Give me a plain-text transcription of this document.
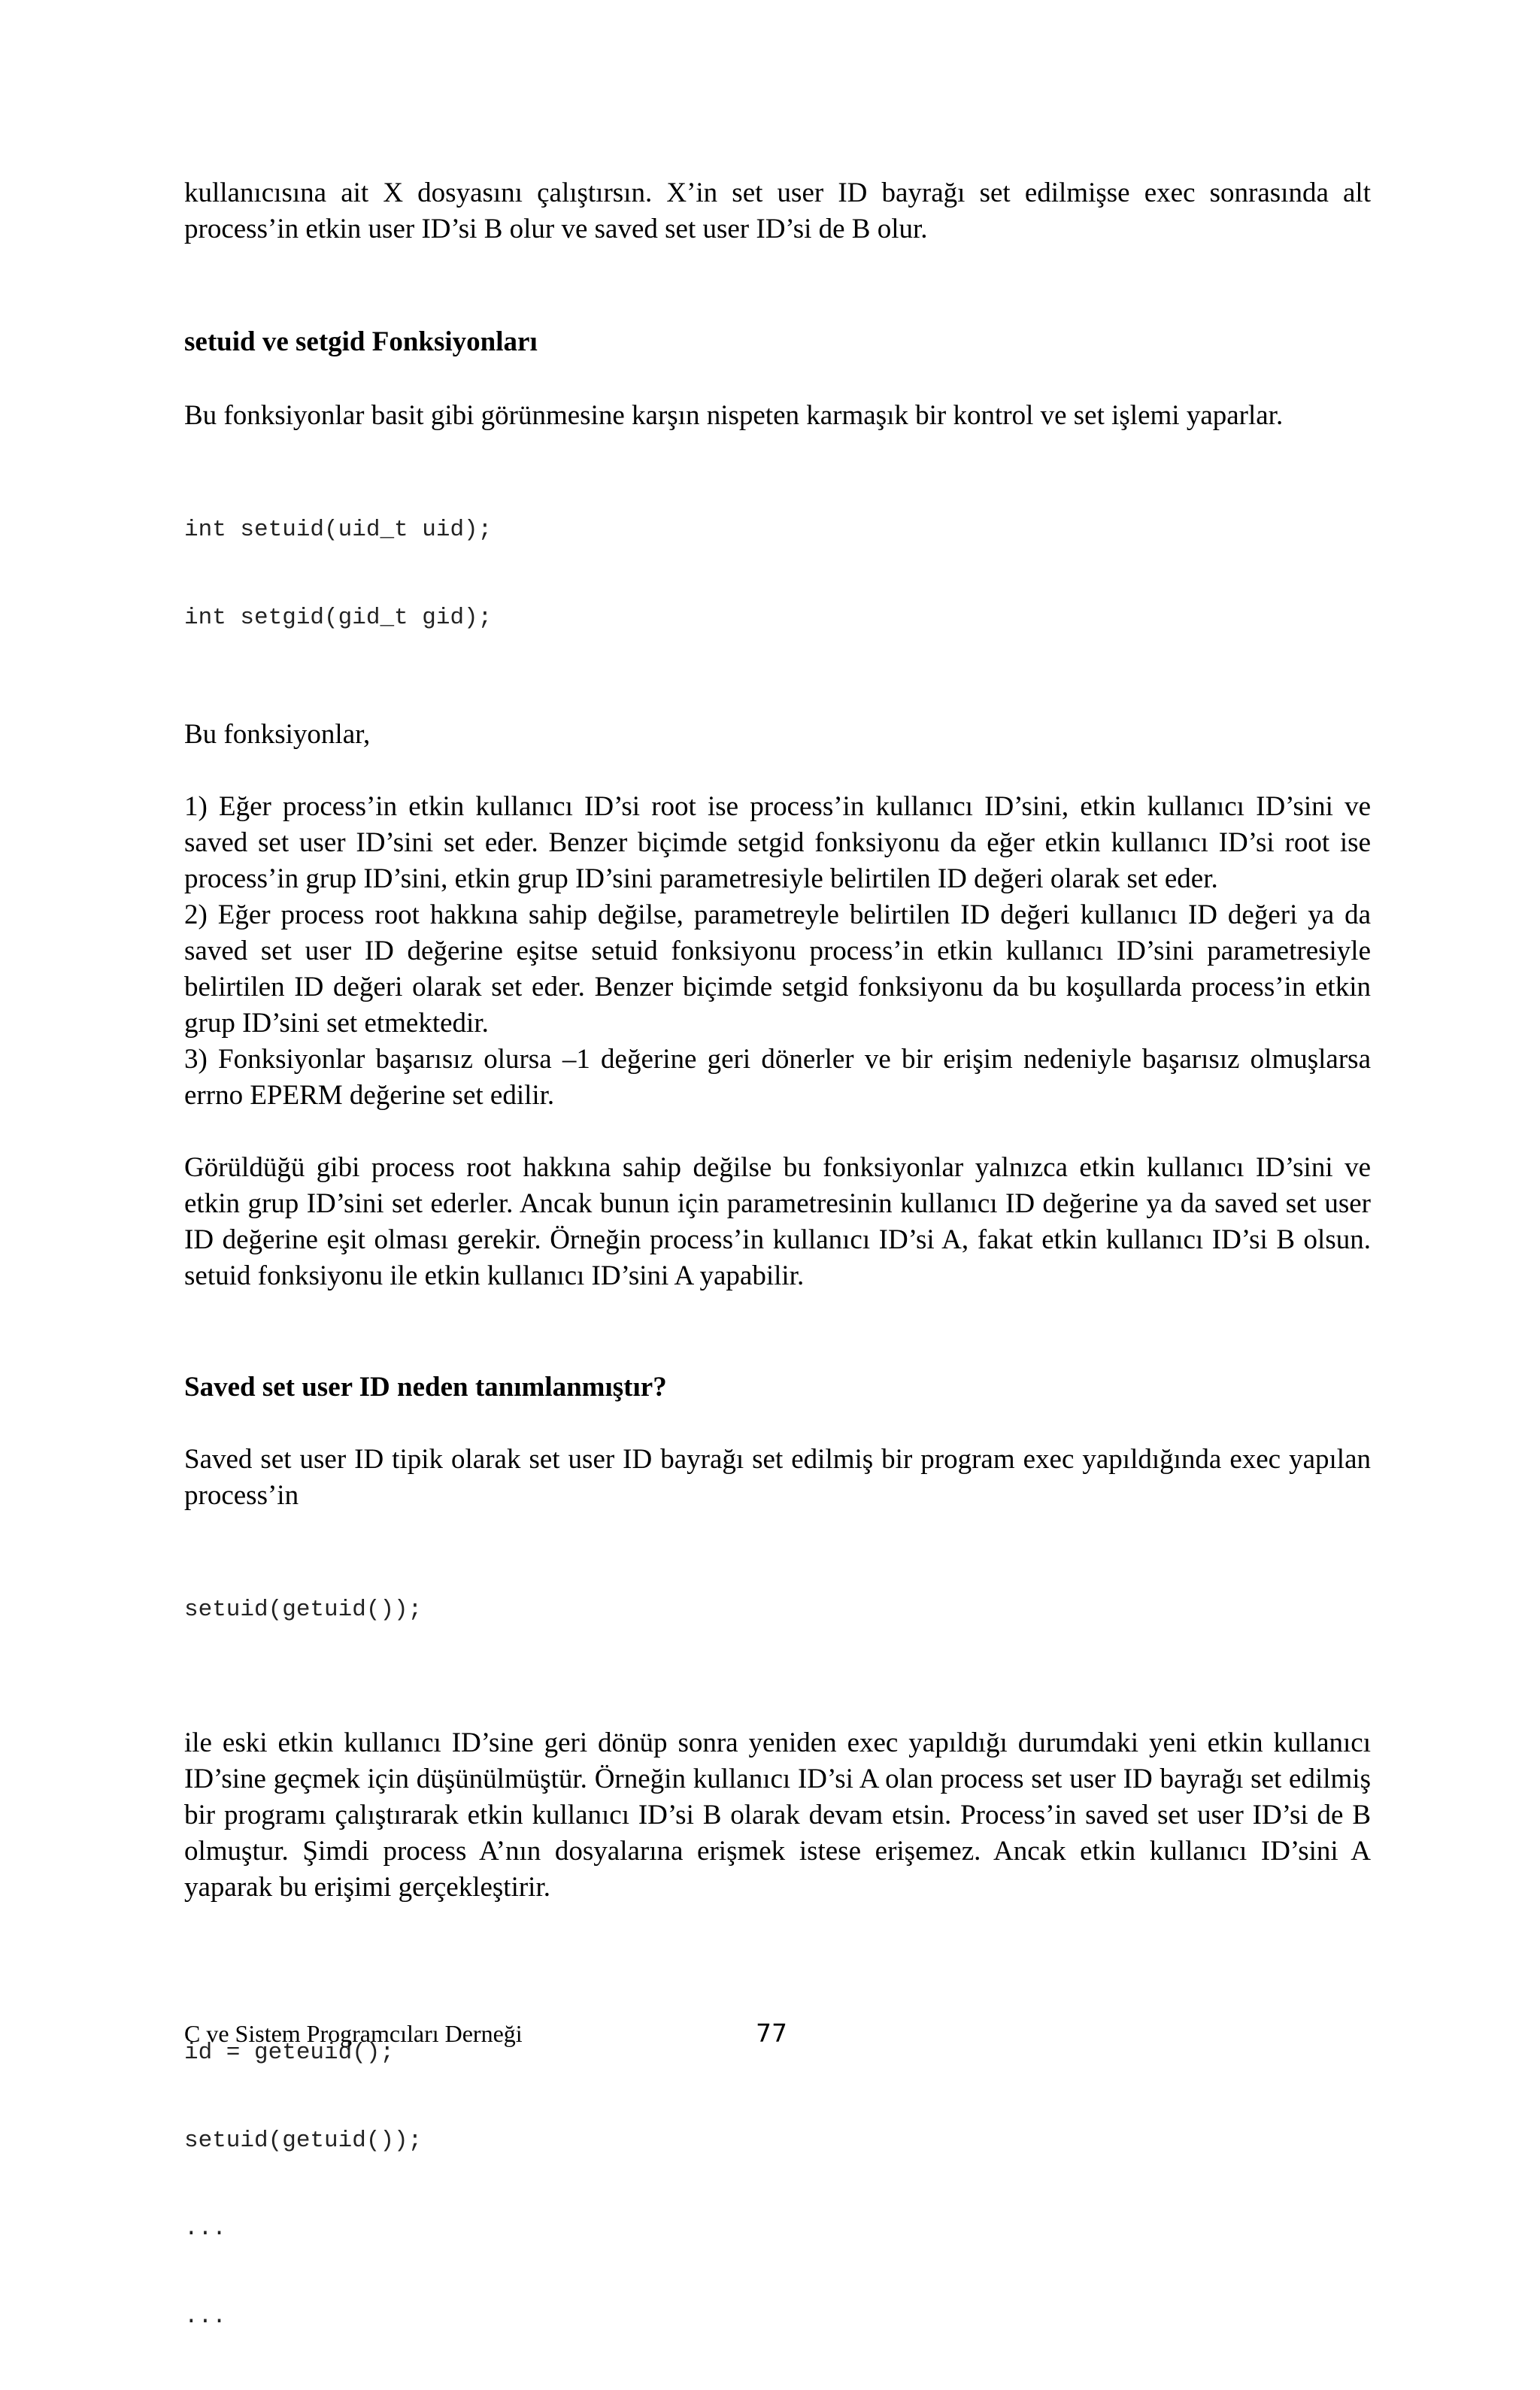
kullanıcısına ait X dosyasını çalıştırsın. X’in set user ID bayrağı set edilmişse exec sonrasında alt process’in etkin user ID’si B olur ve saved set user ID’si de B olur.

setuid ve setgid Fonksiyonları

Bu fonksiyonlar basit gibi görünmesine karşın nispeten karmaşık bir kontrol ve set işlemi yaparlar.

int setuid(uid_t uid);

int setgid(gid_t gid);

Bu fonksiyonlar,

1) Eğer process’in etkin kullanıcı ID’si root ise process’in kullanıcı ID’sini, etkin kullanıcı ID’sini ve saved set user ID’sini set eder. Benzer biçimde setgid fonksiyonu da eğer etkin kullanıcı ID’si root ise process’in grup ID’sini, etkin grup ID’sini parametresiyle belirtilen ID değeri olarak set eder.

2) Eğer process root hakkına sahip değilse, parametreyle belirtilen ID değeri kullanıcı ID değeri ya da saved set user ID değerine eşitse setuid fonksiyonu process’in etkin kullanıcı ID’sini parametresiyle belirtilen ID değeri olarak set eder. Benzer biçimde setgid fonksiyonu da bu koşullarda process’in etkin grup ID’sini set etmektedir.

3) Fonksiyonlar başarısız olursa –1 değerine geri dönerler ve bir erişim nedeniyle başarısız olmuşlarsa errno EPERM değerine set edilir.

Görüldüğü gibi process root hakkına sahip değilse bu fonksiyonlar yalnızca etkin kullanıcı ID’sini ve etkin grup ID’sini set ederler. Ancak bunun için parametresinin kullanıcı ID değerine ya da saved set user ID değerine eşit olması gerekir. Örneğin process’in kullanıcı ID’si A, fakat etkin kullanıcı ID’si B olsun. setuid fonksiyonu ile etkin kullanıcı ID’sini A yapabilir.

Saved set user ID neden tanımlanmıştır?

Saved set user ID tipik olarak set user ID bayrağı set edilmiş bir program exec yapıldığında exec yapılan process’in

setuid(getuid());

ile eski etkin kullanıcı ID’sine geri dönüp sonra yeniden exec yapıldığı durumdaki yeni etkin kullanıcı ID’sine geçmek için düşünülmüştür. Örneğin kullanıcı ID’si A olan process set user ID bayrağı set edilmiş bir programı çalıştırarak etkin kullanıcı ID’si B olarak devam etsin. Process’in saved set user ID’si de B olmuştur. Şimdi process A’nın dosyalarına erişmek istese erişemez. Ancak etkin kullanıcı ID’sini A yaparak bu erişimi gerçekleştirir.

id = geteuid();

setuid(getuid());

...

...

C ve Sistem Programcıları Derneği	77
